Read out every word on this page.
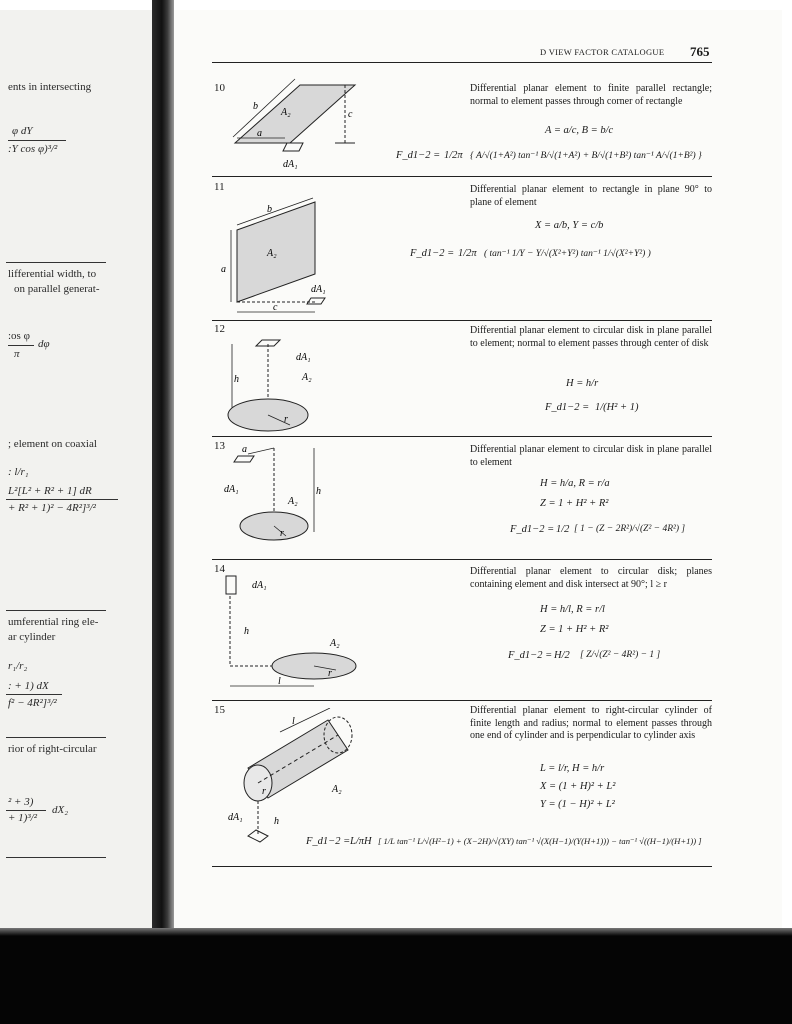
ents in intersecting
φ dY
:Y cos φ)³/²
lifferential width, to
on parallel generat-
:os φ
π
dφ
; element on coaxial
: l/r₁
L²[L² + R² + 1] dR
+ R² + 1)² − 4R²]³/²
umferential ring ele-
ar cylinder
r₁/r₂
: + 1) dX
f² − 4R²]³/²
rior of right-circular
² + 3)
+ 1)³/²
dX₂
D VIEW FACTOR CATALOGUE 765
10
b
A₂
a
c
dA₁
Differential planar element to finite parallel rectangle; normal to element passes through corner of rectangle
A = a/c, B = b/c
F_d1−2 = 1/2π { A/√(1+A²) tan⁻¹ B/√(1+A²) + B/√(1+B²) tan⁻¹ A/√(1+B²) }
11
b
A₂
a
dA₁
c
Differential planar element to rectangle in plane 90° to plane of element
X = a/b, Y = c/b
F_d1−2 = 1/2π ( tan⁻¹ 1/Y − Y/√(X²+Y²) tan⁻¹ 1/√(X²+Y²) )
12
dA₁
A₂
h
r
Differential planar element to circular disk in plane parallel to element; normal to element passes through center of disk
H = h/r
F_d1−2 = 1/(H² + 1)
13 a
dA₁
A₂
h
r
Differential planar element to circular disk in plane parallel to element
H = h/a, R = r/a
Z = 1 + H² + R²
F_d1−2 = 1/2 [ 1 − (Z − 2R²)/√(Z² − 4R²) ]
14
dA₁
h
A₂
r
l
Differential planar element to circular disk; planes containing element and disk intersect at 90°; l ≥ r
H = h/l, R = r/l
Z = 1 + H² + R²
F_d1−2 = H/2 [ Z/√(Z² − 4R²) − 1 ]
15
l
r	A₂
dA₁	h
Differential planar element to right-circular cylinder of finite length and radius; normal to element passes through one end of cylinder and is perpendicular to cylinder axis
L = l/r, H = h/r
X = (1 + H)² + L²
Y = (1 − H)² + L²
F_d1−2 = L/πH [ 1/L tan⁻¹ L/√(H²−1) + (X−2H)/√(XY) tan⁻¹ √(X(H−1)/(Y(H+1))) − tan⁻¹ √((H−1)/(H+1)) ]
